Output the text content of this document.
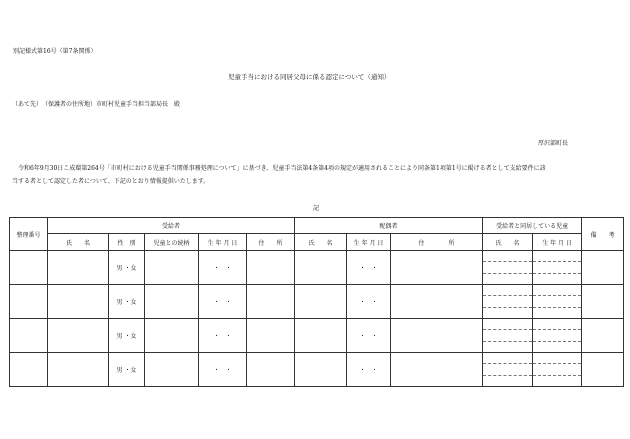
別記様式第16号（第7条関係）
児童手当における同居父母に係る認定について（通知）
（あて先）　（保護者の住所地）市町村児童手当担当部局長　殿
厚沢部町長
令和6年9月30日こ成環第264号「市町村における児童手当関係事務処理について」に基づき、児童手当法第4条第4項の規定が適用されることにより同条第1項第1号に掲げる者として支給要件に該
当する者として認定した者について、下記のとおり情報提供いたします。
記
整理番号	受給者					配偶者			受給者と同居している児童		備　　考
	氏　　名	性　別	児童との続柄	生 年 月 日	住　　所	氏　　名	生 年 月 日	住　　　　所	氏　　名	生 年 月 日	
		男 ・女		・　・			・　・		

		男 ・女		・　・			・　・		

		男 ・女		・　・			・　・		

		男 ・女		・　・			・　・		
